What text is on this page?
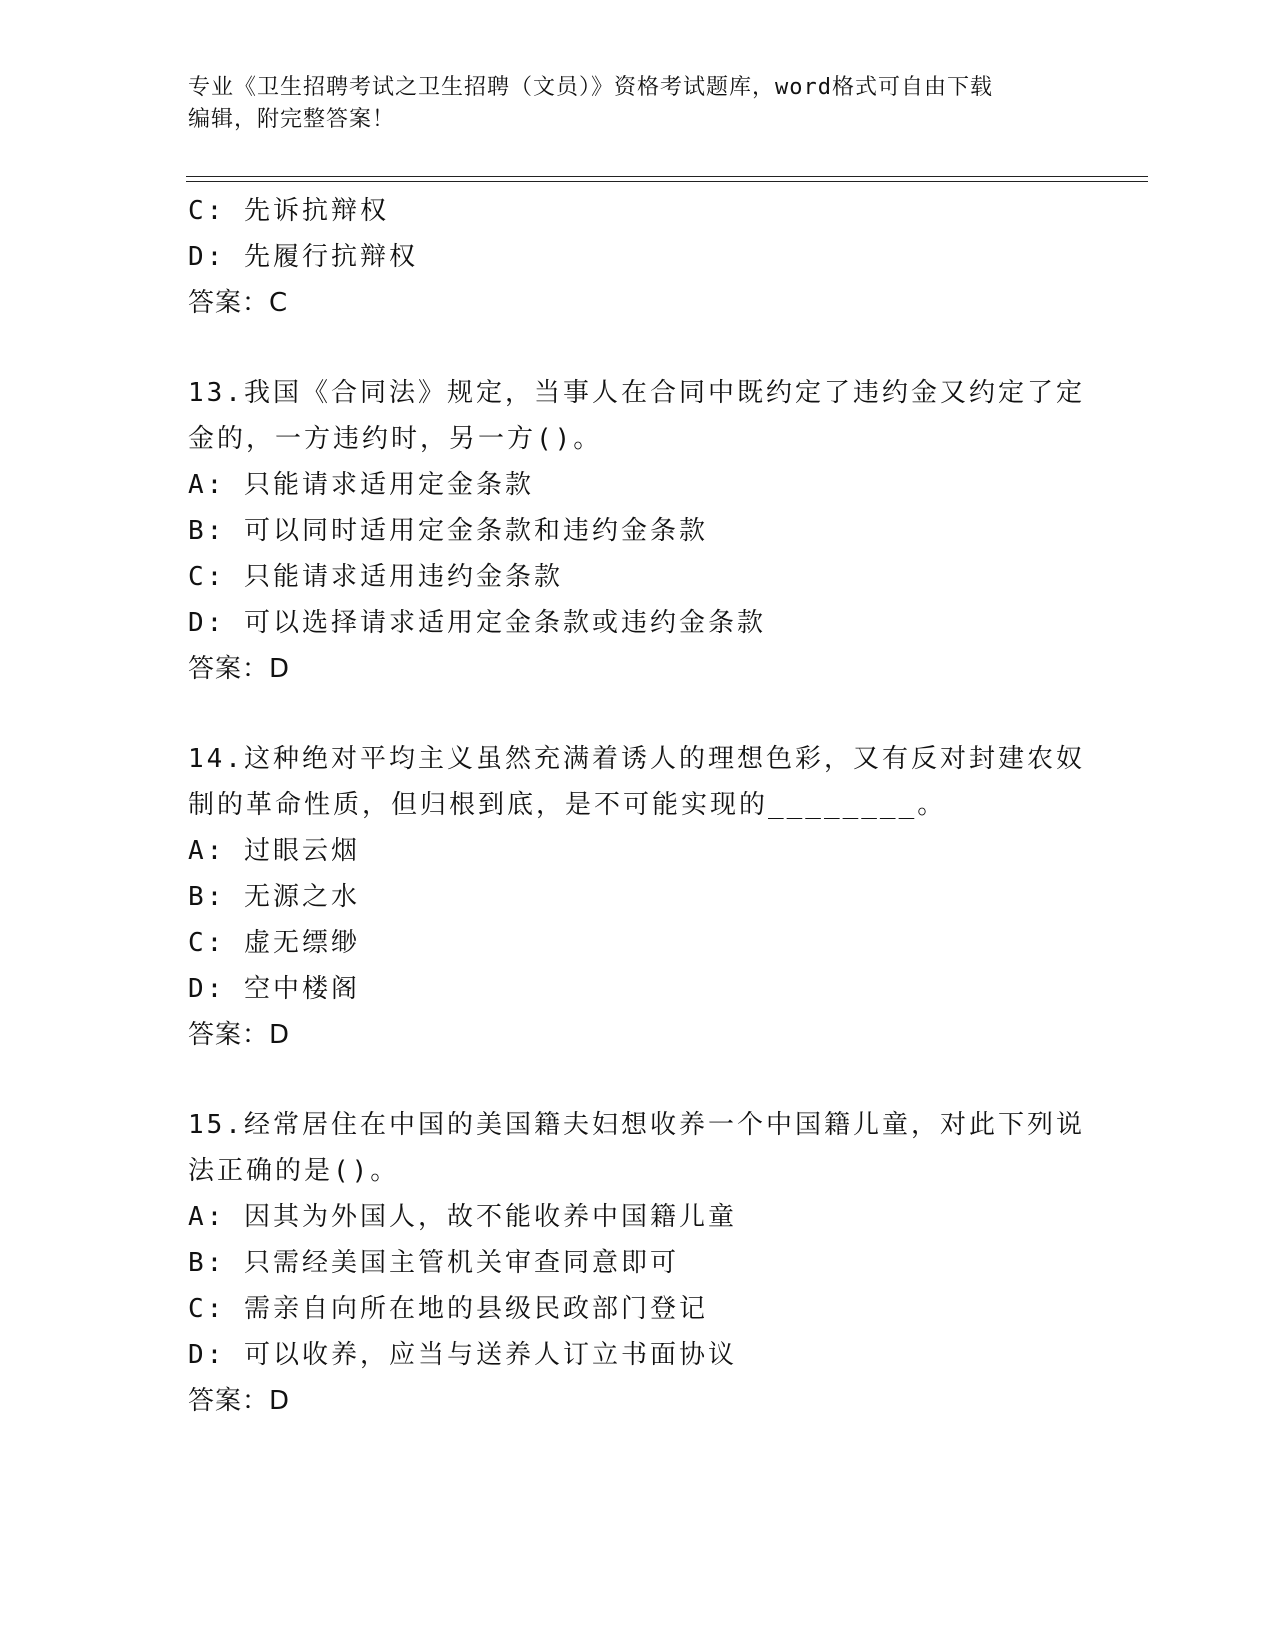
专业《卫生招聘考试之卫生招聘（文员）》资格考试题库，word格式可自由下载
编辑，附完整答案！
C: 先诉抗辩权
D: 先履行抗辩权
答案：C
13.我国《合同法》规定，当事人在合同中既约定了违约金又约定了定
金的，一方违约时，另一方()。
A: 只能请求适用定金条款
B: 可以同时适用定金条款和违约金条款
C: 只能请求适用违约金条款
D: 可以选择请求适用定金条款或违约金条款
答案：D
14.这种绝对平均主义虽然充满着诱人的理想色彩，又有反对封建农奴
制的革命性质，但归根到底，是不可能实现的________。
A: 过眼云烟
B: 无源之水
C: 虚无缥缈
D: 空中楼阁
答案：D
15.经常居住在中国的美国籍夫妇想收养一个中国籍儿童，对此下列说
法正确的是()。
A: 因其为外国人，故不能收养中国籍儿童
B: 只需经美国主管机关审查同意即可
C: 需亲自向所在地的县级民政部门登记
D: 可以收养，应当与送养人订立书面协议
答案：D
